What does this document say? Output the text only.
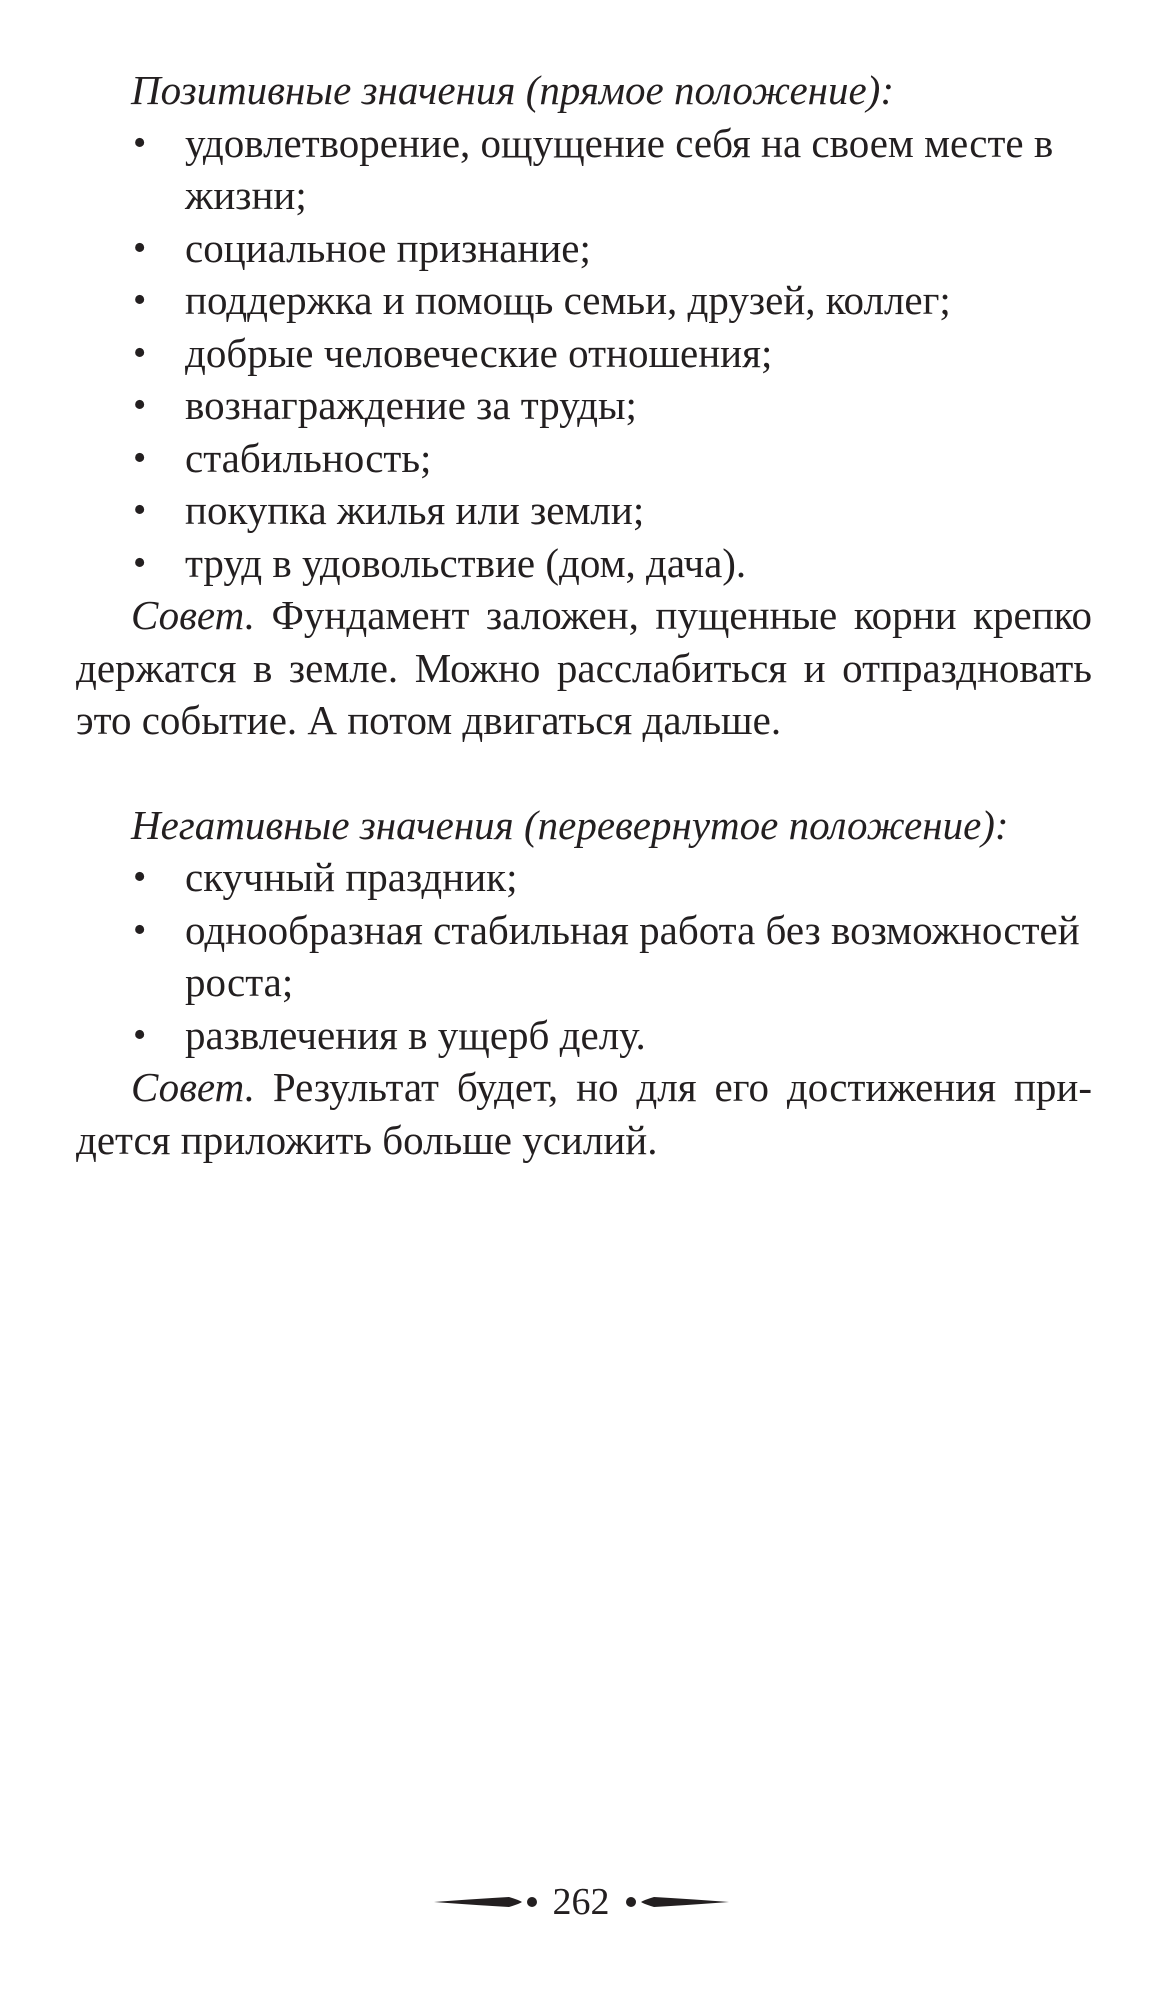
Позитивные значения (прямое положение):

• удовлетворение, ощущение себя на своем месте в жизни;
• социальное признание;
• поддержка и помощь семьи, друзей, коллег;
• добрые человеческие отношения;
• вознаграждение за труды;
• стабильность;
• покупка жилья или земли;
• труд в удовольствие (дом, дача).

Совет. Фундамент заложен, пущенные корни крепко держатся в земле. Можно расслабиться и отпраздновать это событие. А потом двигаться дальше.

Негативные значения (перевернутое положение):

• скучный праздник;
• однообразная стабильная работа без возможностей роста;
• развлечения в ущерб делу.

Совет. Результат будет, но для его достижения придется приложить больше усилий.

262
